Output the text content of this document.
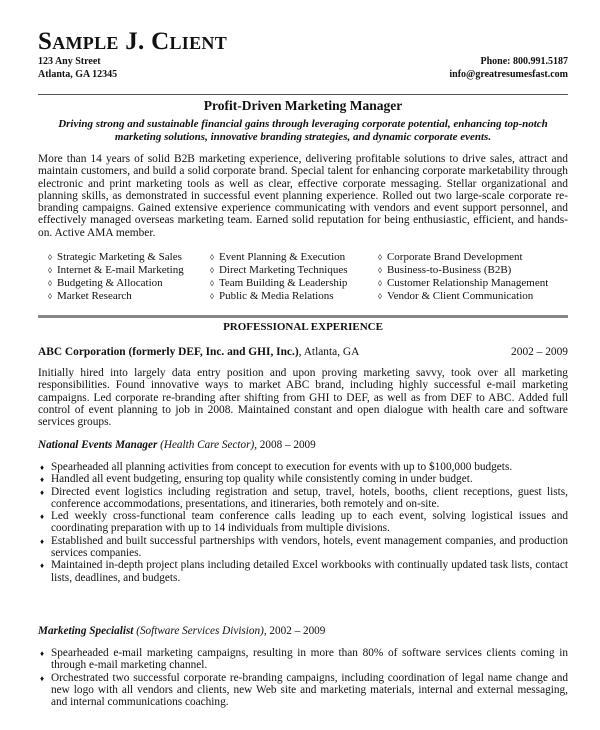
Sample J. Client
123 Any Street
Atlanta, GA 12345
Phone: 800.991.5187
info@greatresumesfast.com
Profit-Driven Marketing Manager
Driving strong and sustainable financial gains through leveraging corporate potential, enhancing top-notch marketing solutions, innovative branding strategies, and dynamic corporate events.
More than 14 years of solid B2B marketing experience, delivering profitable solutions to drive sales, attract and maintain customers, and build a solid corporate brand. Special talent for enhancing corporate marketability through electronic and print marketing tools as well as clear, effective corporate messaging. Stellar organizational and planning skills, as demonstrated in successful event planning experience. Rolled out two large-scale corporate re-branding campaigns. Gained extensive experience communicating with vendors and event support personnel, and effectively managed overseas marketing team. Earned solid reputation for being enthusiastic, efficient, and hands-on. Active AMA member.
◊ Strategic Marketing & Sales	◊ Event Planning & Execution	◊ Corporate Brand Development
◊ Internet & E-mail Marketing	◊ Direct Marketing Techniques	◊ Business-to-Business (B2B)
◊ Budgeting & Allocation	◊ Team Building & Leadership	◊ Customer Relationship Management
◊ Market Research	◊ Public & Media Relations	◊ Vendor & Client Communication
PROFESSIONAL EXPERIENCE
ABC Corporation (formerly DEF, Inc. and GHI, Inc.), Atlanta, GA	2002 – 2009
Initially hired into largely data entry position and upon proving marketing savvy, took over all marketing responsibilities. Found innovative ways to market ABC brand, including highly successful e-mail marketing campaigns. Led corporate re-branding after shifting from GHI to DEF, as well as from DEF to ABC. Added full control of event planning to job in 2008. Maintained constant and open dialogue with health care and software services groups.
National Events Manager (Health Care Sector), 2008 – 2009
♦ Spearheaded all planning activities from concept to execution for events with up to $100,000 budgets.
♦ Handled all event budgeting, ensuring top quality while consistently coming in under budget.
♦ Directed event logistics including registration and setup, travel, hotels, booths, client receptions, guest lists, conference accommodations, presentations, and itineraries, both remotely and on-site.
♦ Led weekly cross-functional team conference calls leading up to each event, solving logistical issues and coordinating preparation with up to 14 individuals from multiple divisions.
♦ Established and built successful partnerships with vendors, hotels, event management companies, and production services companies.
♦ Maintained in-depth project plans including detailed Excel workbooks with continually updated task lists, contact lists, deadlines, and budgets.
Marketing Specialist (Software Services Division), 2002 – 2009
♦ Spearheaded e-mail marketing campaigns, resulting in more than 80% of software services clients coming in through e-mail marketing channel.
♦ Orchestrated two successful corporate re-branding campaigns, including coordination of legal name change and new logo with all vendors and clients, new Web site and marketing materials, internal and external messaging, and internal communications coaching.
